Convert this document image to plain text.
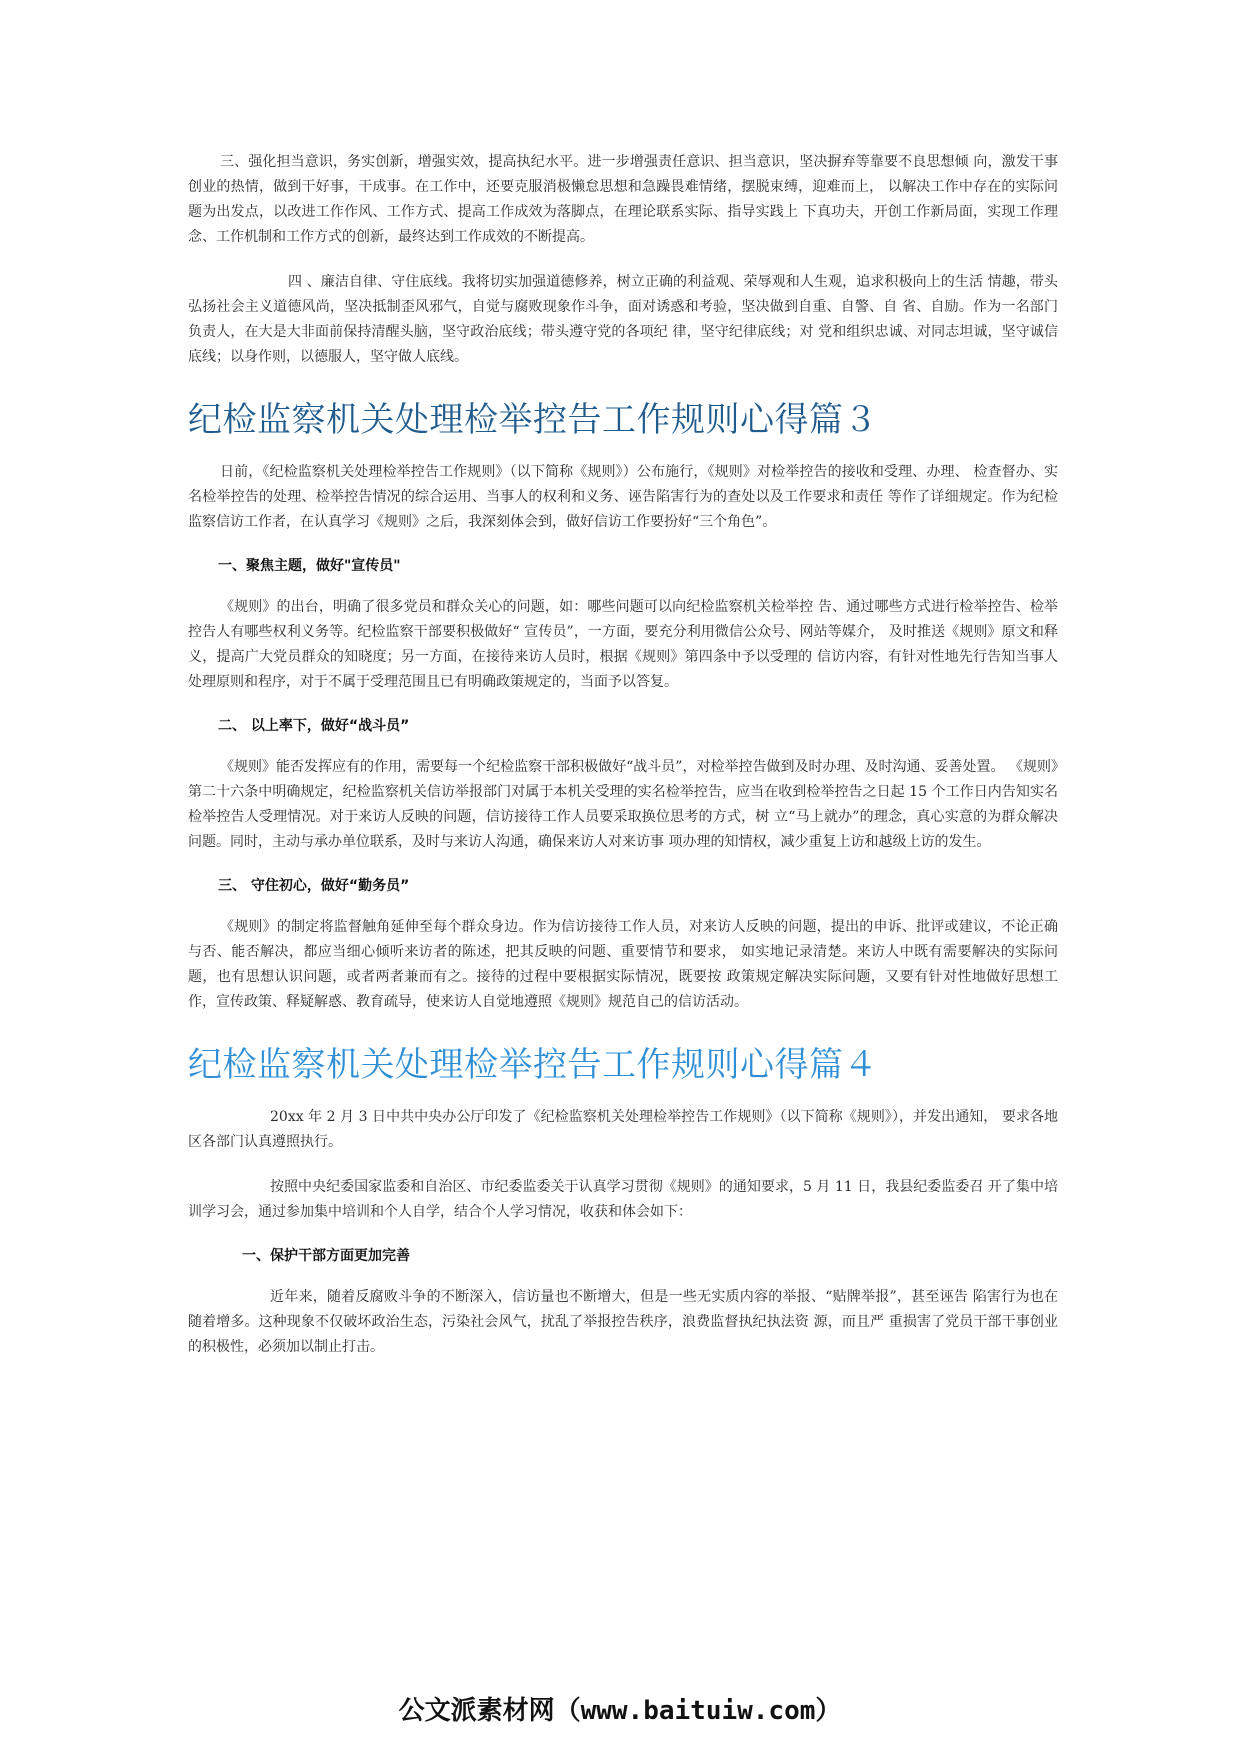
三、强化担当意识，务实创新，增强实效，提高执纪水平。进一步增强责任意识、担当意识，坚决摒弃等靠要不良思想倾 向，激发干事创业的热情，做到干好事，干成事。在工作中，还要克服消极懒怠思想和急躁畏难情绪，摆脱束缚，迎难而上， 以解决工作中存在的实际问题为出发点，以改进工作作风、工作方式、提高工作成效为落脚点，在理论联系实际、指导实践上 下真功夫，开创工作新局面，实现工作理念、工作机制和工作方式的创新，最终达到工作成效的不断提高。

四 、廉洁自律、守住底线。我将切实加强道德修养，树立正确的利益观、荣辱观和人生观，追求积极向上的生活 情趣，带头弘扬社会主义道德风尚，坚决抵制歪风邪气，自觉与腐败现象作斗争，面对诱惑和考验，坚决做到自重、自警、自 省、自励。作为一名部门负责人，在大是大非面前保持清醒头脑，坚守政治底线；带头遵守党的各项纪 律，坚守纪律底线；对 党和组织忠诚、对同志坦诚，坚守诚信底线；以身作则，以德服人，坚守做人底线。

纪检监察机关处理检举控告工作规则心得篇３

日前，《纪检监察机关处理检举控告工作规则》（以下简称《规则》）公布施行，《规则》对检举控告的接收和受理、办理、 检查督办、实名检举控告的处理、检举控告情况的综合运用、当事人的权利和义务、诬告陷害行为的查处以及工作要求和责任 等作了详细规定。作为纪检监察信访工作者，在认真学习《规则》之后，我深刻体会到，做好信访工作要扮好“三个角色”。

一、聚焦主题，做好"宣传员"

《规则》的出台，明确了很多党员和群众关心的问题，如：哪些问题可以向纪检监察机关检举控 告、通过哪些方式进行检举控告、检举控告人有哪些权利义务等。纪检监察干部要积极做好“ 宣传员”，一方面，要充分利用微信公众号、网站等媒介， 及时推送《规则》原文和释义，提高广大党员群众的知晓度；另一方面，在接待来访人员时，根据《规则》第四条中予以受理的 信访内容，有针对性地先行告知当事人处理原则和程序，对于不属于受理范围且已有明确政策规定的，当面予以答复。

二、 以上率下，做好“战斗员”

《规则》能否发挥应有的作用，需要每一个纪检监察干部积极做好“战斗员”，对检举控告做到及时办理、及时沟通、妥善处置。 《规则》第二十六条中明确规定，纪检监察机关信访举报部门对属于本机关受理的实名检举控告，应当在收到检举控告之日起 15 个工作日内告知实名检举控告人受理情况。对于来访人反映的问题，信访接待工作人员要采取换位思考的方式，树 立“马上就办”的理念，真心实意的为群众解决问题。同时，主动与承办单位联系，及时与来访人沟通，确保来访人对来访事 项办理的知情权，减少重复上访和越级上访的发生。

三、 守住初心，做好“勤务员”

《规则》的制定将监督触角延伸至每个群众身边。作为信访接待工作人员，对来访人反映的问题，提出的申诉、批评或建议，不论正确与否、能否解决，都应当细心倾听来访者的陈述，把其反映的问题、重要情节和要求， 如实地记录清楚。来访人中既有需要解决的实际问题，也有思想认识问题，或者两者兼而有之。接待的过程中要根据实际情况，既要按 政策规定解决实际问题，又要有针对性地做好思想工作，宣传政策、释疑解惑、教育疏导，使来访人自觉地遵照《规则》规范自己的信访活动。

纪检监察机关处理检举控告工作规则心得篇４

20xx 年 2 月 3 日中共中央办公厅印发了《纪检监察机关处理检举控告工作规则》（以下简称《规则》），并发出通知， 要求各地区各部门认真遵照执行。

按照中央纪委国家监委和自治区、市纪委监委关于认真学习贯彻《规则》的通知要求，5 月 11 日，我县纪委监委召 开了集中培训学习会，通过参加集中培训和个人自学，结合个人学习情况，收获和体会如下：

一、保护干部方面更加完善

近年来，随着反腐败斗争的不断深入，信访量也不断增大，但是一些无实质内容的举报、“贴牌举报”，甚至诬告 陷害行为也在随着增多。这种现象不仅破坏政治生态，污染社会风气，扰乱了举报控告秩序，浪费监督执纪执法资 源，而且严 重损害了党员干部干事创业的积极性，必须加以制止打击。

公文派素材网（www.baituiw.com）
